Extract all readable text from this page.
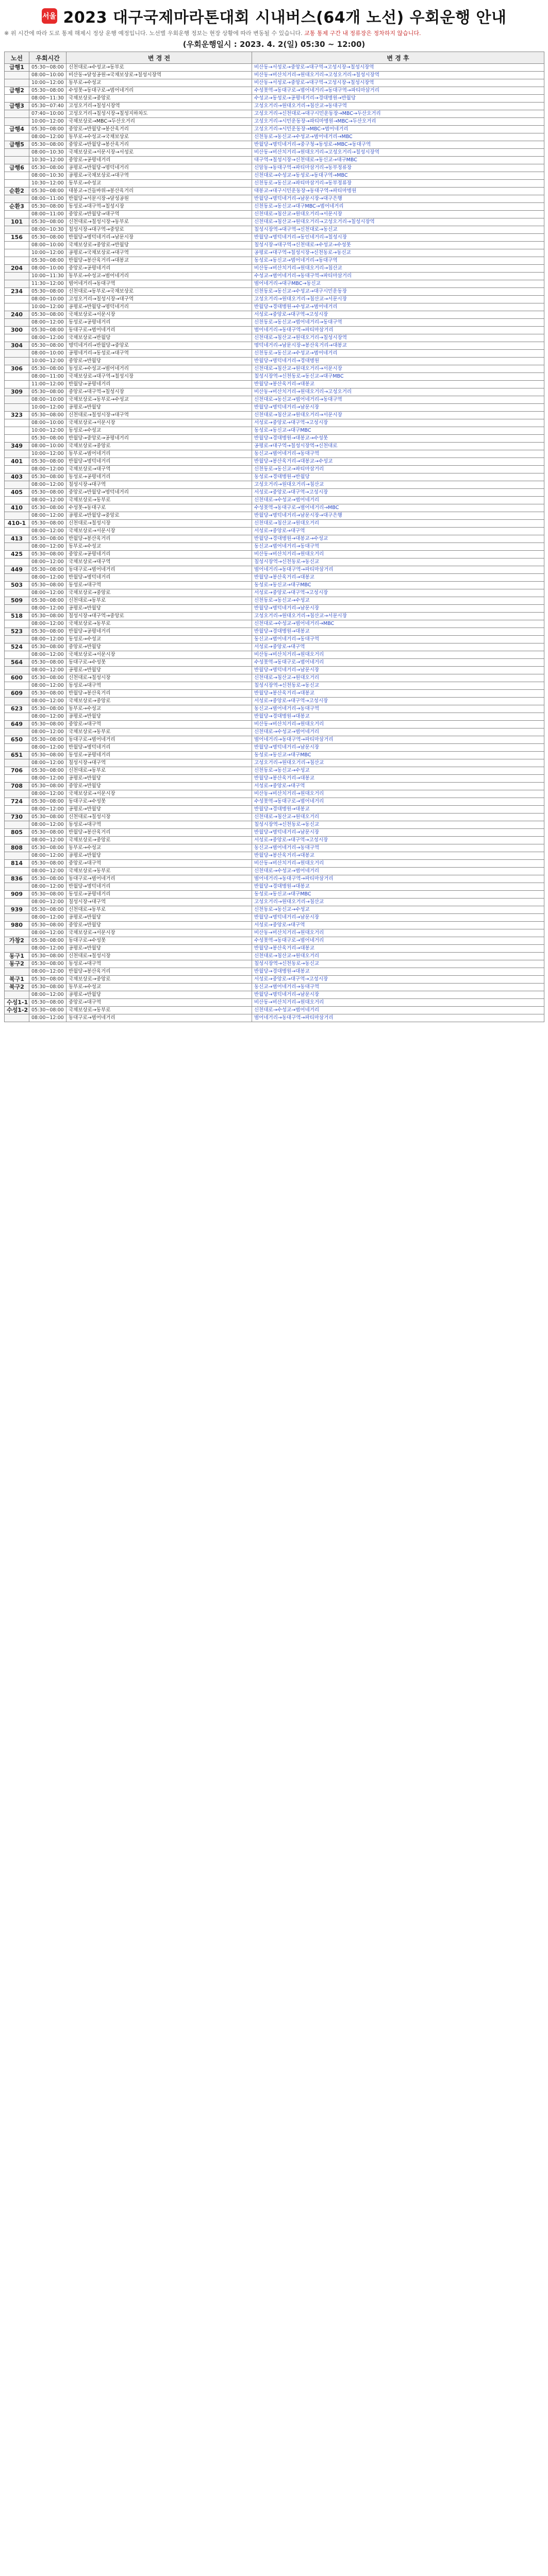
서울 2023 대구국제마라톤대회 시내버스(64개 노선) 우회운행 안내
※ 위 시간에 따라 도로 통제 해제시 정상 운행 예정입니다. 노선별 우회운행 정보는 현장 상황에 따라 변동될 수 있습니다. 교통 통제 구간 내 정류장은 정차하지 않습니다.
(우회운행일시 : 2023. 4. 2(일) 05:30 ~ 12:00)
노선	우회시간	변 경 전	변 경 후
급행1	05:30~08:00	신천대로→수성교→동부로	비산동→서성로→중앙로→대구역→고성시장→칠성시장역
	08:00~10:00	비산동→달성공원→국채보상로→칠성시장역	비산동→비산치거리→원대오거리→고성오거리→칠성시장역
	10:00~12:00	동부로→수성교	비산동→서성로→중앙로→대구역→고성시장→칠성시장역
급행2	05:30~08:00	수성못→동대구로→범어네거리	수성못역→동대구로→범어네거리→동대구역→파티마삼거리
	08:00~11:30	국채보상로→중앙로	수성교→동성로→공평네거리→경대병원→반월당
급행3	05:30~07:40	고성오거리→칠성시장역	고성오거리→원대오거리→침산교→동대구역
	07:40~10:00	고성오거리→칠성시장→칠성지하차도	고성오거리→신천대로→대구시민운동장→MBC→두산오거리
	10:00~12:00	국채보상로→MBC→두산오거리	고성오거리→시민운동장→파티마병원→MBC→두산오거리
급행4	05:30~08:00	중앙로→반월당→봉산육거리	고성오거리→시민운동장→MBC→범어네거리
	08:00~12:00	동부로→수성교→국채보상로	신천동로→동신교→수성교→범어네거리→MBC
급행5	05:30~08:00	중앙로→반월당→봉산육거리	반월당→명덕네거리→중구청→동성로→MBC→동대구역
	08:00~10:30	국채보상로→서문시장→서성로	비산동→비산치거리→원대오거리→고성오거리→칠성시장역
	10:30~12:00	중앙로→공평네거리	대구역→칠성시장→신천대로→동신교→대구MBC
급행6	05:30~08:00	공평로→반월당→명덕네거리	신암동→동대구역→파티마삼거리→동부정류장
	08:00~10:30	공평로→국채보상로→대구역	신천대로→수성교→동성로→동대구역→MBC
	10:30~12:00	동부로→수성교	신천동로→동신교→파티마삼거리→동부정류장
순환2	05:30~08:00	대봉교→건들바위→봉산육거리	대봉교→대구시민운동장→동대구역→파티마병원
	08:00~11:00	반월당→서문시장→달성공원	반월당→명덕네거리→남문시장→대구은행
순환3	05:30~08:00	동성로→대구역→칠성시장	신천동로→동신교→대구MBC→범어네거리
	08:00~11:00	중앙로→반월당→대구역	신천대로→침산교→원대오거리→서문시장
101	05:30~08:00	신천대로→칠성시장→동부로	신천대로→침산교→원대오거리→고성오거리→칠성시장역
	08:00~10:30	칠성시장→대구역→중앙로	칠성시장역→대구역→신천대로→동신교
156	05:30~08:00	반월당→명덕네거리→남문시장	반월당→명덕네거리→동인네거리→칠성시장
	08:00~10:00	국채보상로→중앙로→반월당	칠성시장→대구역→신천대로→수성교→수성못
	10:00~12:00	공평로→국채보상로→대구역	공평로→대구역→칠성시장→신천동로→동신교
	05:30~08:00	반월당→봉산육거리→대봉교	동성로→동신교→범어네거리→동대구역
204	08:00~10:00	중앙로→공평네거리	비산동→비산치거리→원대오거리→침산교
	10:00~11:30	동부로→수성교→범어네거리	수성교→범어네거리→동대구역→파티마삼거리
	11:30~12:00	범어네거리→동대구역	범어네거리→대구MBC→동신교
234	05:30~08:00	신천대로→동부로→국채보상로	신천동로→동신교→수성교→대구시민운동장
	08:00~10:00	고성오거리→칠성시장→대구역	고성오거리→원대오거리→침산교→서문시장
	10:00~12:00	공평로→반월당→명덕네거리	반월당→경대병원→수성교→범어네거리
240	05:30~08:00	국채보상로→서문시장	서성로→중앙로→대구역→고성시장
	08:00~12:00	동성로→공평네거리	신천동로→동신교→범어네거리→동대구역
300	05:30~08:00	동대구로→범어네거리	범어네거리→동대구역→파티마삼거리
	08:00~12:00	국채보상로→반월당	신천대로→침산교→원대오거리→칠성시장역
304	05:30~08:00	명덕네거리→반월당→중앙로	명덕네거리→남문시장→봉산육거리→대봉교
	08:00~10:00	공평네거리→동성로→대구역	신천동로→동신교→수성교→범어네거리
	10:00~12:00	중앙로→반월당	반월당→명덕네거리→경대병원
306	05:30~08:00	동성로→수성교→범어네거리	신천대로→침산교→원대오거리→서문시장
	08:00~11:00	국채보상로→대구역→칠성시장	칠성시장역→신천동로→동신교→대구MBC
	11:00~12:00	반월당→공평네거리	반월당→봉산육거리→대봉교
309	05:30~08:00	중앙로→대구역→칠성시장	비산동→비산치거리→원대오거리→고성오거리
	08:00~10:00	국채보상로→동부로→수성교	신천대로→동신교→범어네거리→동대구역
	10:00~12:00	공평로→반월당	반월당→명덕네거리→남문시장
323	05:30~08:00	신천대로→칠성시장→대구역	신천대로→침산교→원대오거리→서문시장
	08:00~10:00	국채보상로→서문시장	서성로→중앙로→대구역→고성시장
	10:00~12:00	동성로→수성교	동성로→동신교→대구MBC
	05:30~08:00	반월당→중앙로→공평네거리	반월당→경대병원→대봉교→수성못
349	08:00~10:00	국채보상로→중앙로	공평로→대구역→칠성시장역→신천대로
	10:00~12:00	동부로→범어네거리	동신교→범어네거리→동대구역
401	05:30~08:00	반월당→명덕네거리	반월당→봉산육거리→대봉교→수성교
	08:00~12:00	국채보상로→대구역	신천동로→동신교→파티마삼거리
403	05:30~08:00	동성로→공평네거리	동성로→경대병원→반월당
	08:00~12:00	칠성시장→대구역	고성오거리→원대오거리→침산교
405	05:30~08:00	중앙로→반월당→명덕네거리	서성로→중앙로→대구역→고성시장
	08:00~12:00	국채보상로→동부로	신천대로→수성교→범어네거리
410	05:30~08:00	수성못→동대구로	수성못역→동대구로→범어네거리→MBC
	08:00~12:00	공평로→반월당→중앙로	반월당→명덕네거리→남문시장→대구은행
410-1	05:30~08:00	신천대로→칠성시장	신천대로→침산교→원대오거리
	08:00~12:00	국채보상로→서문시장	서성로→중앙로→대구역
413	05:30~08:00	반월당→봉산육거리	반월당→경대병원→대봉교→수성교
	08:00~12:00	동부로→수성교	동신교→범어네거리→동대구역
425	05:30~08:00	중앙로→공평네거리	비산동→비산치거리→원대오거리
	08:00~12:00	국채보상로→대구역	칠성시장역→신천동로→동신교
449	05:30~08:00	동대구로→범어네거리	범어네거리→동대구역→파티마삼거리
	08:00~12:00	반월당→명덕네거리	반월당→봉산육거리→대봉교
503	05:30~08:00	동성로→대구역	동성로→동신교→대구MBC
	08:00~12:00	국채보상로→중앙로	서성로→중앙로→대구역→고성시장
509	05:30~08:00	신천대로→동부로	신천동로→동신교→수성교
	08:00~12:00	공평로→반월당	반월당→명덕네거리→남문시장
518	05:30~08:00	칠성시장→대구역→중앙로	고성오거리→원대오거리→침산교→서문시장
	08:00~12:00	국채보상로→동부로	신천대로→수성교→범어네거리→MBC
523	05:30~08:00	반월당→공평네거리	반월당→경대병원→대봉교
	08:00~12:00	동성로→수성교	동신교→범어네거리→동대구역
524	05:30~08:00	중앙로→반월당	서성로→중앙로→대구역
	08:00~12:00	국채보상로→서문시장	비산동→비산치거리→원대오거리
564	05:30~08:00	동대구로→수성못	수성못역→동대구로→범어네거리
	08:00~12:00	공평로→반월당	반월당→명덕네거리→남문시장
600	05:30~08:00	신천대로→칠성시장	신천대로→침산교→원대오거리
	08:00~12:00	동성로→대구역	칠성시장역→신천동로→동신교
609	05:30~08:00	반월당→봉산육거리	반월당→봉산육거리→대봉교
	08:00~12:00	국채보상로→중앙로	서성로→중앙로→대구역→고성시장
623	05:30~08:00	동부로→수성교	동신교→범어네거리→동대구역
	08:00~12:00	공평로→반월당	반월당→경대병원→대봉교
649	05:30~08:00	중앙로→대구역	비산동→비산치거리→원대오거리
	08:00~12:00	국채보상로→동부로	신천대로→수성교→범어네거리
650	05:30~08:00	동대구로→범어네거리	범어네거리→동대구역→파티마삼거리
	08:00~12:00	반월당→명덕네거리	반월당→명덕네거리→남문시장
651	05:30~08:00	동성로→공평네거리	동성로→동신교→대구MBC
	08:00~12:00	칠성시장→대구역	고성오거리→원대오거리→침산교
706	05:30~08:00	신천대로→동부로	신천동로→동신교→수성교
	08:00~12:00	공평로→반월당	반월당→봉산육거리→대봉교
708	05:30~08:00	중앙로→반월당	서성로→중앙로→대구역
	08:00~12:00	국채보상로→서문시장	비산동→비산치거리→원대오거리
724	05:30~08:00	동대구로→수성못	수성못역→동대구로→범어네거리
	08:00~12:00	공평로→반월당	반월당→경대병원→대봉교
730	05:30~08:00	신천대로→칠성시장	신천대로→침산교→원대오거리
	08:00~12:00	동성로→대구역	칠성시장역→신천동로→동신교
805	05:30~08:00	반월당→봉산육거리	반월당→명덕네거리→남문시장
	08:00~12:00	국채보상로→중앙로	서성로→중앙로→대구역→고성시장
808	05:30~08:00	동부로→수성교	동신교→범어네거리→동대구역
	08:00~12:00	공평로→반월당	반월당→봉산육거리→대봉교
814	05:30~08:00	중앙로→대구역	비산동→비산치거리→원대오거리
	08:00~12:00	국채보상로→동부로	신천대로→수성교→범어네거리
836	05:30~08:00	동대구로→범어네거리	범어네거리→동대구역→파티마삼거리
	08:00~12:00	반월당→명덕네거리	반월당→경대병원→대봉교
909	05:30~08:00	동성로→공평네거리	동성로→동신교→대구MBC
	08:00~12:00	칠성시장→대구역	고성오거리→원대오거리→침산교
939	05:30~08:00	신천대로→동부로	신천동로→동신교→수성교
	08:00~12:00	공평로→반월당	반월당→명덕네거리→남문시장
980	05:30~08:00	중앙로→반월당	서성로→중앙로→대구역
	08:00~12:00	국채보상로→서문시장	비산동→비산치거리→원대오거리
가창2	05:30~08:00	동대구로→수성못	수성못역→동대구로→범어네거리
	08:00~12:00	공평로→반월당	반월당→봉산육거리→대봉교
동구1	05:30~08:00	신천대로→칠성시장	신천대로→침산교→원대오거리
동구2	05:30~08:00	동성로→대구역	칠성시장역→신천동로→동신교
	08:00~12:00	반월당→봉산육거리	반월당→경대병원→대봉교
북구1	05:30~08:00	국채보상로→중앙로	서성로→중앙로→대구역→고성시장
북구2	05:30~08:00	동부로→수성교	동신교→범어네거리→동대구역
	08:00~12:00	공평로→반월당	반월당→명덕네거리→남문시장
수성1-1	05:30~08:00	중앙로→대구역	비산동→비산치거리→원대오거리
수성1-2	05:30~08:00	국채보상로→동부로	신천대로→수성교→범어네거리
	08:00~12:00	동대구로→범어네거리	범어네거리→동대구역→파티마삼거리
